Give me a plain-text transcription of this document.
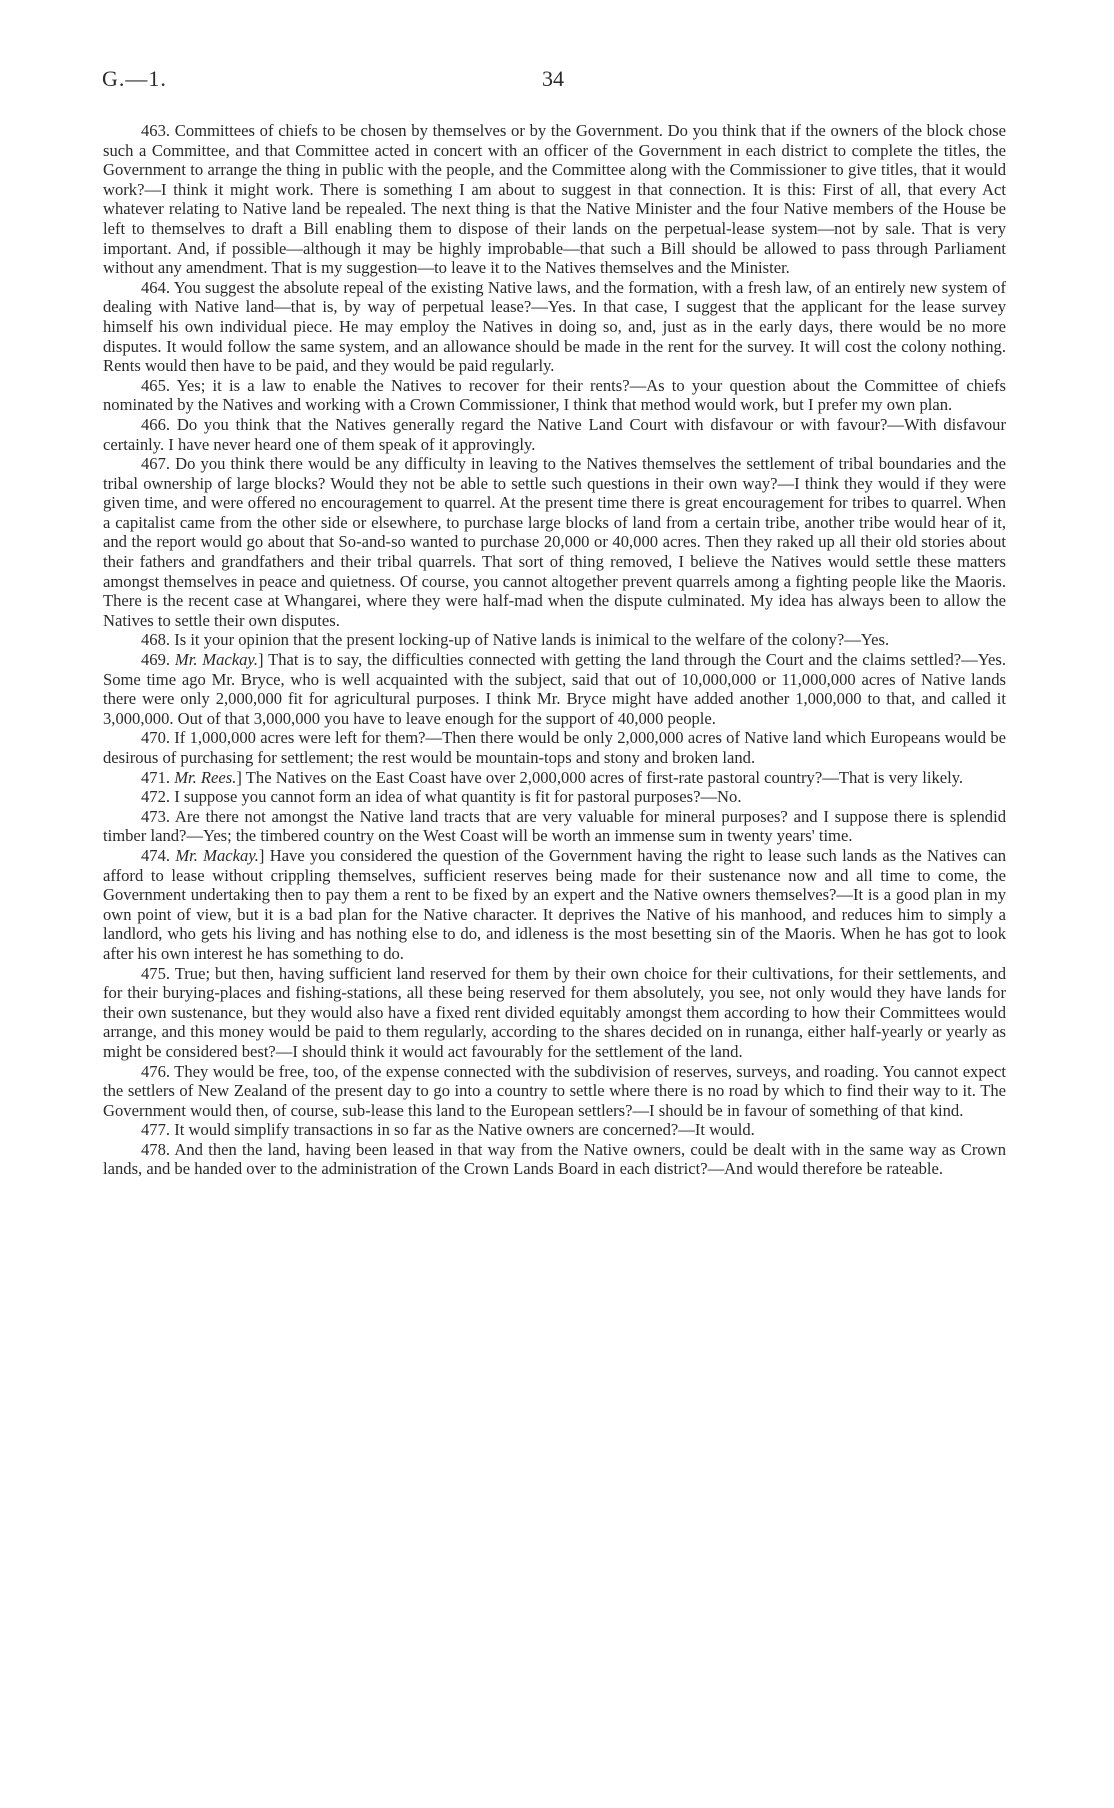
G.—1.	34

463. Committees of chiefs to be chosen by themselves or by the Government. Do you think that if the owners of the block chose such a Committee, and that Committee acted in concert with an officer of the Government in each district to complete the titles, the Government to arrange the thing in public with the people, and the Committee along with the Commissioner to give titles, that it would work?—I think it might work. There is something I am about to suggest in that connection. It is this: First of all, that every Act whatever relating to Native land be repealed. The next thing is that the Native Minister and the four Native members of the House be left to themselves to draft a Bill enabling them to dispose of their lands on the perpetual-lease system—not by sale. That is very important. And, if possible—although it may be highly improbable—that such a Bill should be allowed to pass through Parliament without any amendment. That is my suggestion—to leave it to the Natives themselves and the Minister.

464. You suggest the absolute repeal of the existing Native laws, and the formation, with a fresh law, of an entirely new system of dealing with Native land—that is, by way of perpetual lease?—Yes. In that case, I suggest that the applicant for the lease survey himself his own individual piece. He may employ the Natives in doing so, and, just as in the early days, there would be no more disputes. It would follow the same system, and an allowance should be made in the rent for the survey. It will cost the colony nothing. Rents would then have to be paid, and they would be paid regularly.

465. Yes; it is a law to enable the Natives to recover for their rents?—As to your question about the Committee of chiefs nominated by the Natives and working with a Crown Commissioner, I think that method would work, but I prefer my own plan.

466. Do you think that the Natives generally regard the Native Land Court with disfavour or with favour?—With disfavour certainly. I have never heard one of them speak of it approvingly.

467. Do you think there would be any difficulty in leaving to the Natives themselves the settlement of tribal boundaries and the tribal ownership of large blocks? Would they not be able to settle such questions in their own way?—I think they would if they were given time, and were offered no encouragement to quarrel. At the present time there is great encouragement for tribes to quarrel. When a capitalist came from the other side or elsewhere, to purchase large blocks of land from a certain tribe, another tribe would hear of it, and the report would go about that So-and-so wanted to purchase 20,000 or 40,000 acres. Then they raked up all their old stories about their fathers and grandfathers and their tribal quarrels. That sort of thing removed, I believe the Natives would settle these matters amongst themselves in peace and quietness. Of course, you cannot altogether prevent quarrels among a fighting people like the Maoris. There is the recent case at Whangarei, where they were half-mad when the dispute culminated. My idea has always been to allow the Natives to settle their own disputes.

468. Is it your opinion that the present locking-up of Native lands is inimical to the welfare of the colony?—Yes.

469. Mr. Mackay.] That is to say, the difficulties connected with getting the land through the Court and the claims settled?—Yes. Some time ago Mr. Bryce, who is well acquainted with the subject, said that out of 10,000,000 or 11,000,000 acres of Native lands there were only 2,000,000 fit for agricultural purposes. I think Mr. Bryce might have added another 1,000,000 to that, and called it 3,000,000. Out of that 3,000,000 you have to leave enough for the support of 40,000 people.

470. If 1,000,000 acres were left for them?—Then there would be only 2,000,000 acres of Native land which Europeans would be desirous of purchasing for settlement; the rest would be mountain-tops and stony and broken land.

471. Mr. Rees.] The Natives on the East Coast have over 2,000,000 acres of first-rate pastoral country?—That is very likely.

472. I suppose you cannot form an idea of what quantity is fit for pastoral purposes?—No.

473. Are there not amongst the Native land tracts that are very valuable for mineral purposes? and I suppose there is splendid timber land?—Yes; the timbered country on the West Coast will be worth an immense sum in twenty years' time.

474. Mr. Mackay.] Have you considered the question of the Government having the right to lease such lands as the Natives can afford to lease without crippling themselves, sufficient reserves being made for their sustenance now and all time to come, the Government undertaking then to pay them a rent to be fixed by an expert and the Native owners themselves?—It is a good plan in my own point of view, but it is a bad plan for the Native character. It deprives the Native of his manhood, and reduces him to simply a landlord, who gets his living and has nothing else to do, and idleness is the most besetting sin of the Maoris. When he has got to look after his own interest he has something to do.

475. True; but then, having sufficient land reserved for them by their own choice for their cultivations, for their settlements, and for their burying-places and fishing-stations, all these being reserved for them absolutely, you see, not only would they have lands for their own sustenance, but they would also have a fixed rent divided equitably amongst them according to how their Committees would arrange, and this money would be paid to them regularly, according to the shares decided on in runanga, either half-yearly or yearly as might be considered best?—I should think it would act favourably for the settlement of the land.

476. They would be free, too, of the expense connected with the subdivision of reserves, surveys, and roading. You cannot expect the settlers of New Zealand of the present day to go into a country to settle where there is no road by which to find their way to it. The Government would then, of course, sub-lease this land to the European settlers?—I should be in favour of something of that kind.

477. It would simplify transactions in so far as the Native owners are concerned?—It would.

478. And then the land, having been leased in that way from the Native owners, could be dealt with in the same way as Crown lands, and be handed over to the administration of the Crown Lands Board in each district?—And would therefore be rateable.
